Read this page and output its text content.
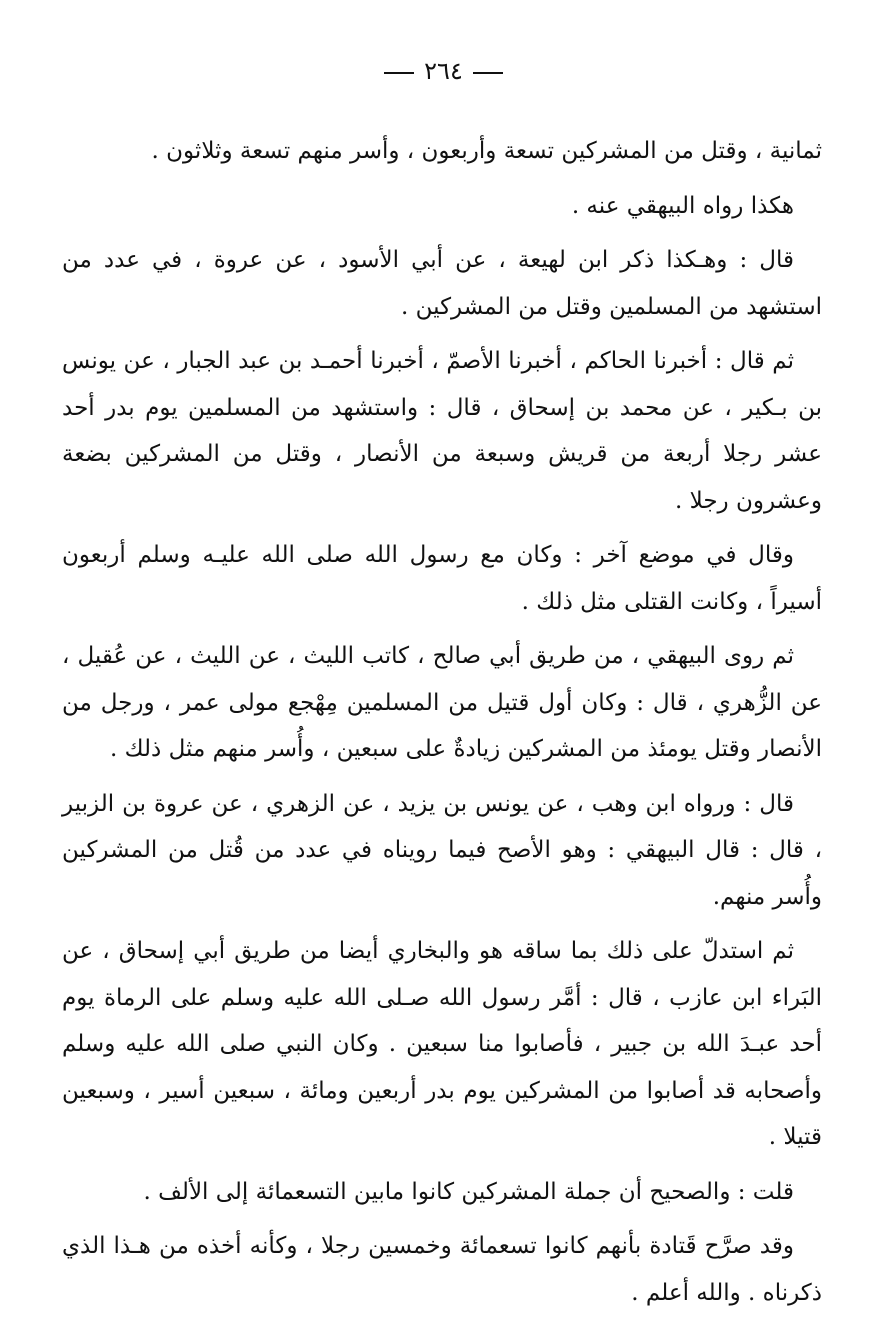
٢٦٤

ثمانية ، وقتل من المشركين تسعة وأربعون ، وأسر منهم تسعة وثلاثون .

هكذا رواه البيهقي عنه .

قال : وهـكذا ذكر ابن لهيعة ، عن أبي الأسود ، عن عروة ، في عدد من استشهد من المسلمين وقتل من المشركين .

ثم قال : أخبرنا الحاكم ، أخبرنا الأصمّ ، أخبرنا أحمـد بن عبد الجبار ، عن يونس بن بـكير ، عن محمد بن إسحاق ، قال : واستشهد من المسلمين يوم بدر أحد عشر رجلا أربعة من قريش وسبعة من الأنصار ، وقتل من المشركين بضعة وعشرون رجلا .

وقال في موضع آخر : وكان مع رسول الله صلى الله عليـه وسلم أربعون أسيراً ، وكانت القتلى مثل ذلك .

ثم روى البيهقي ، من طريق أبي صالح ، كاتب الليث ، عن الليث ، عن عُقيل ، عن الزُّهري ، قال : وكان أول قتيل من المسلمين مِهْجع مولى عمر ، ورجل من الأنصار وقتل يومئذ من المشركين زيادةٌ على سبعين ، وأُسر منهم مثل ذلك .

قال : ورواه ابن وهب ، عن يونس بن يزيد ، عن الزهري ، عن عروة بن الزبير ، قال : قال البيهقي : وهو الأصح فيما رويناه في عدد من قُتل من المشركين وأُسر منهم.

ثم استدلّ على ذلك بما ساقه هو والبخاري أيضا من طريق أبي إسحاق ، عن البَراء ابن عازب ، قال : أمَّر رسول الله صـلى الله عليه وسلم على الرماة يوم أحد عبـدَ الله بن جبير ، فأصابوا منا سبعين . وكان النبي صلى الله عليه وسلم وأصحابه قد أصابوا من المشركين يوم بدر أربعين ومائة ، سبعين أسير ، وسبعين قتيلا .

قلت : والصحيح أن جملة المشركين كانوا مابين التسعمائة إلى الألف .

وقد صرَّح قَتادة بأنهم كانوا تسعمائة وخمسين رجلا ، وكأنه أخذه من هـذا الذي ذكرناه . والله أعلم .
